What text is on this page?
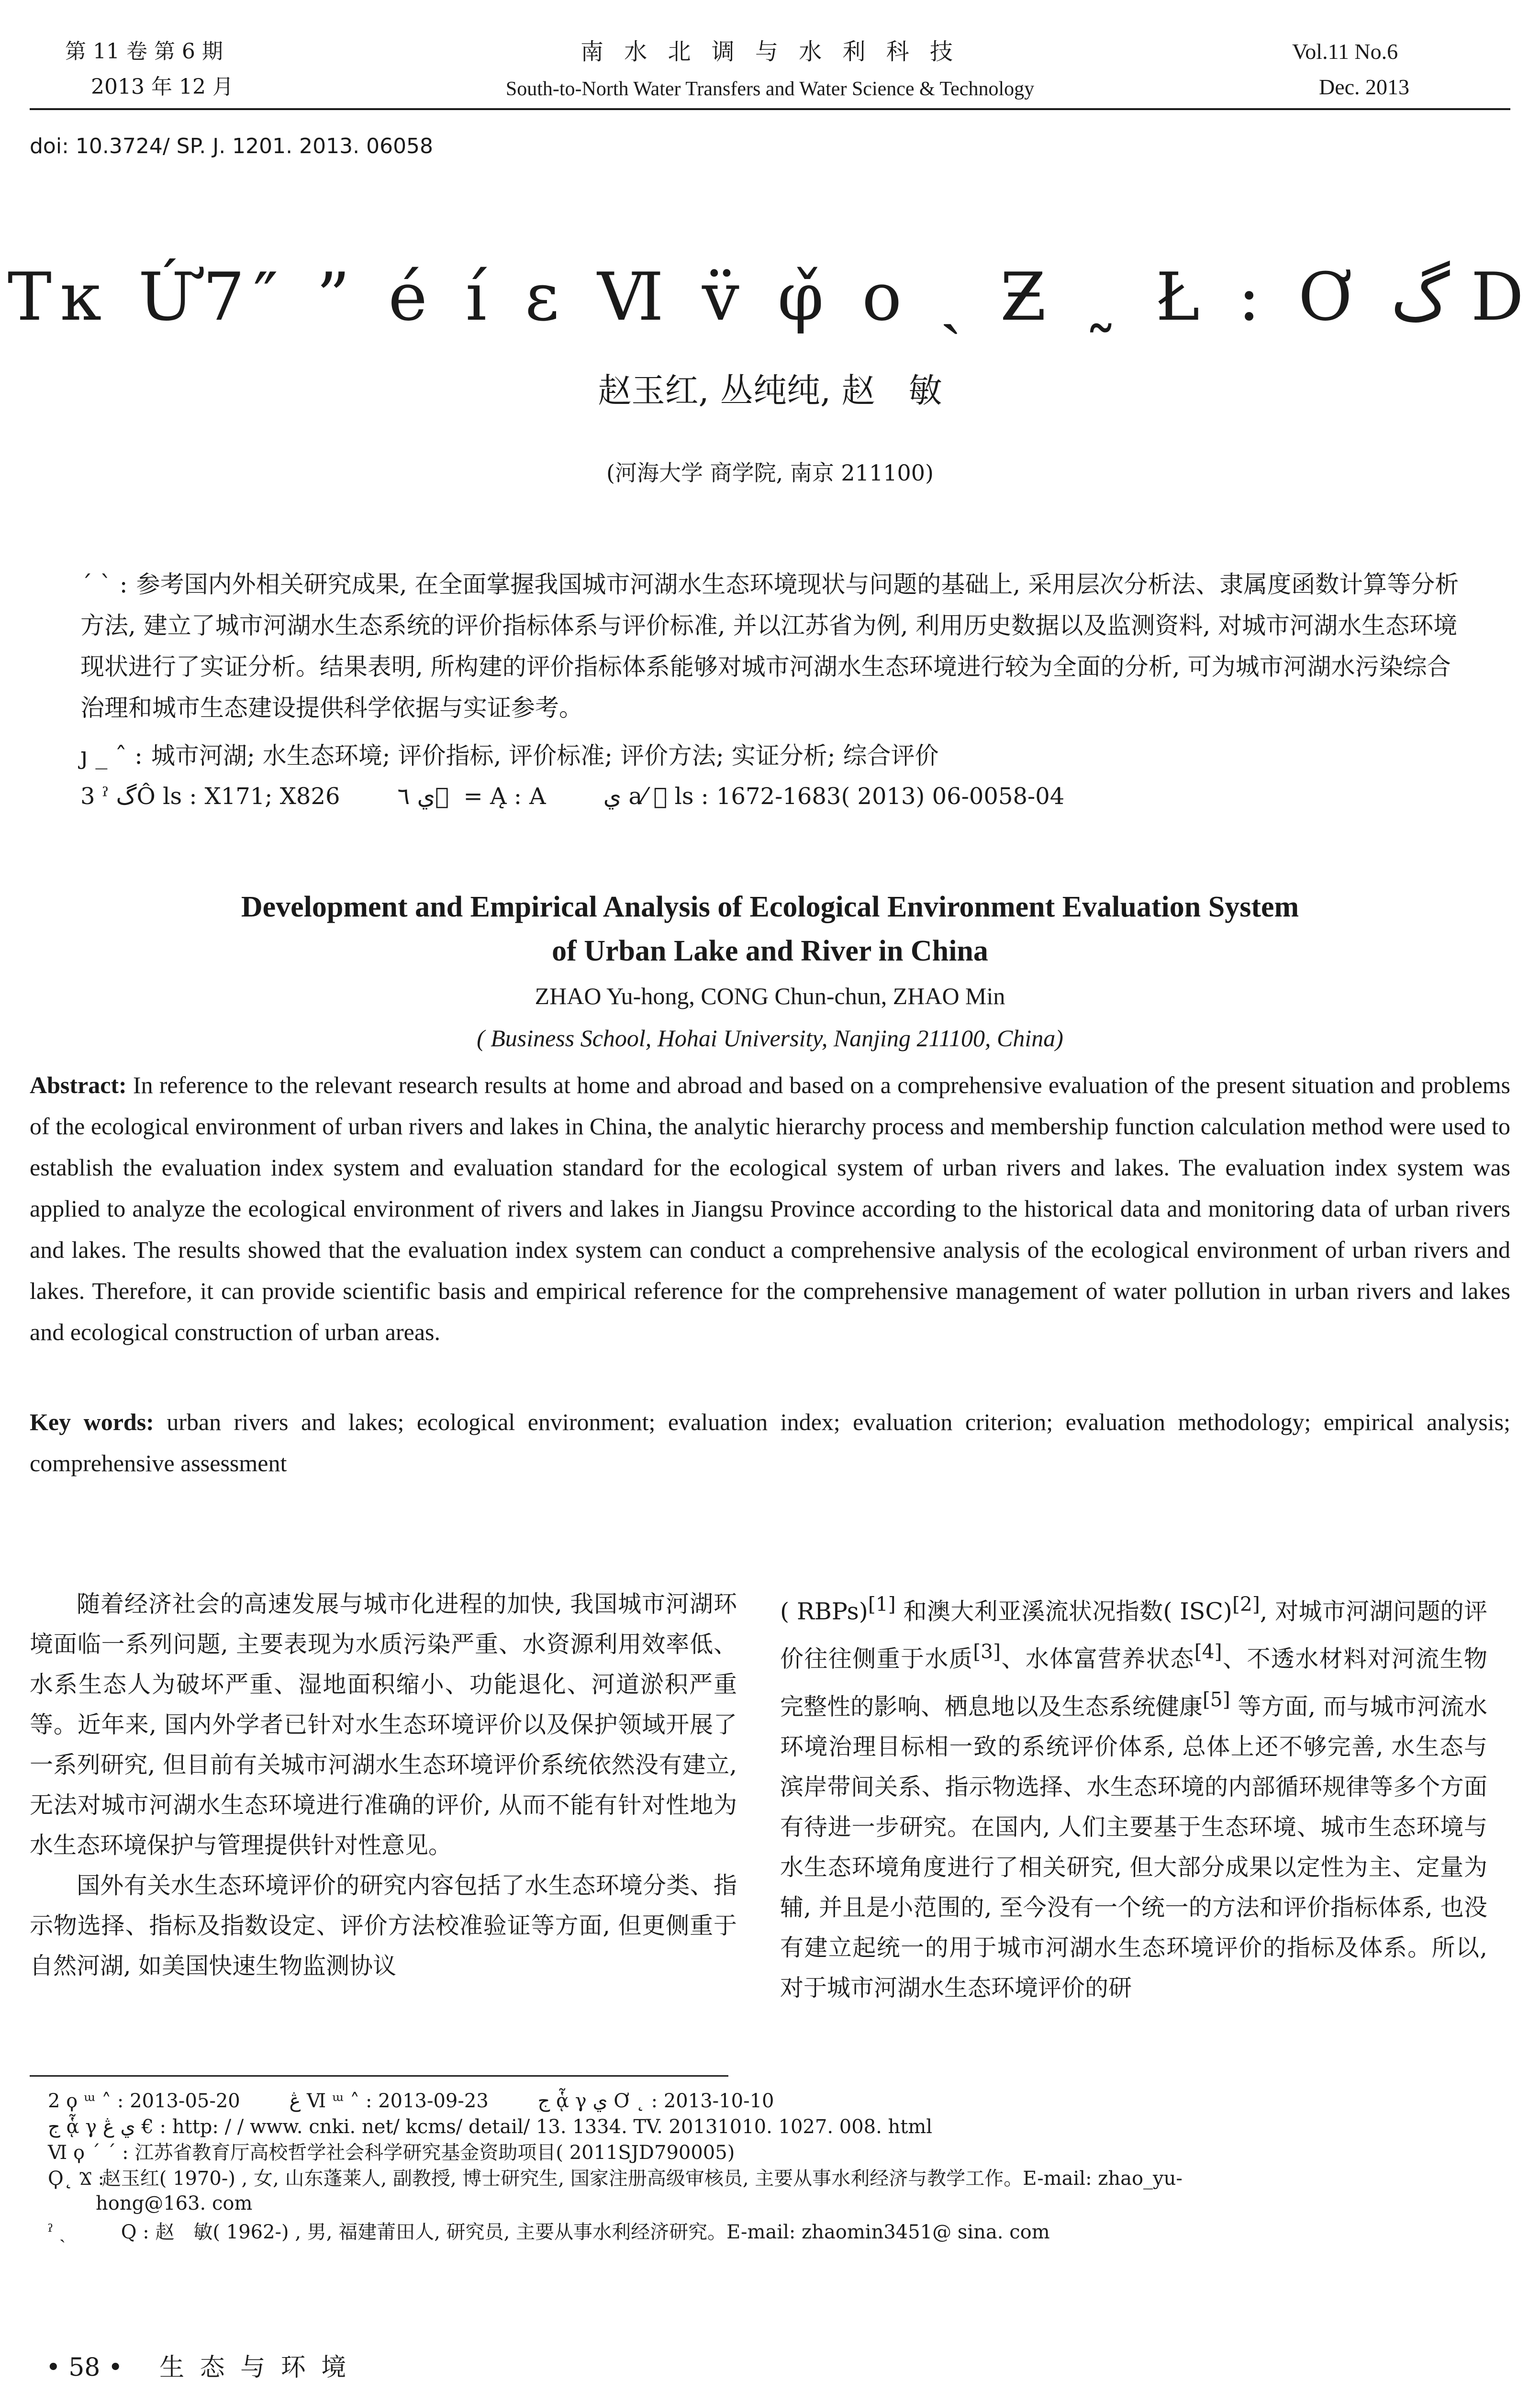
第 11 卷 第 6 期
2013 年 12 月
南 水 北 调 与 水 利 科 技
South-to-North Water Transfers and Water Science & Technology
Vol.11 No.6
Dec. 2013
doi: 10.3724/ SP. J. 1201. 2013. 06058
Tĸ Ứ7″ ” é í ε Ⅵ v̈ φ̌ ο ˏ Ƶ ˷ Ł : Ơ گ D
赵玉红, 丛纯纯, 赵　敏
(河海大学 商学院, 南京 211100)

ˊ ˋ : 参考国内外相关研究成果, 在全面掌握我国城市河湖水生态环境现状与问题的基础上, 采用层次分析法、隶属度函数计算等分析方法, 建立了城市河湖水生态系统的评价指标体系与评价标准, 并以江苏省为例, 利用历史数据以及监测资料, 对城市河湖水生态环境现状进行了实证分析。结果表明, 所构建的评价指标体系能够对城市河湖水生态环境进行较为全面的分析, 可为城市河湖水污染综合治理和城市生态建设提供科学依据与实证参考。

ȷ _ ˆ : 城市河湖; 水生态环境; 评价指标, 评价标准; 评价方法; 实证分析; 综合评价

3 ˀ گÔ ls : X171; X826	ي ٦ ⃞ = Ą : A	ي a⁄ ⃞ ls : 1672-1683( 2013) 06-0058-04
Development and Empirical Analysis of Ecological Environment Evaluation System
of Urban Lake and River in China
ZHAO Yu-hong, CONG Chun-chun, ZHAO Min
( Business School, Hohai University, Nanjing 211100, China)
Abstract: In reference to the relevant research results at home and abroad and based on a comprehensive evaluation of the present situation and problems of the ecological environment of urban rivers and lakes in China, the analytic hierarchy process and membership function calculation method were used to establish the evaluation index system and evaluation standard for the ecological system of urban rivers and lakes. The evaluation index system was applied to analyze the ecological environment of rivers and lakes in Jiangsu Province according to the historical data and monitoring data of urban rivers and lakes. The results showed that the evaluation index system can conduct a comprehensive analysis of the ecological environment of urban rivers and lakes. Therefore, it can provide scientific basis and empirical reference for the comprehensive management of water pollution in urban rivers and lakes and ecological construction of urban areas.
Key words: urban rivers and lakes; ecological environment; evaluation index; evaluation criterion; evaluation methodology; empirical analysis; comprehensive assessment

随着经济社会的高速发展与城市化进程的加快, 我国城市河湖环境面临一系列问题, 主要表现为水质污染严重、水资源利用效率低、水系生态人为破坏严重、湿地面积缩小、功能退化、河道淤积严重等。近年来, 国内外学者已针对水生态环境评价以及保护领域开展了一系列研究, 但目前有关城市河湖水生态环境评价系统依然没有建立, 无法对城市河湖水生态环境进行准确的评价, 从而不能有针对性地为水生态环境保护与管理提供针对性意见。

国外有关水生态环境评价的研究内容包括了水生态环境分类、指示物选择、指标及指数设定、评价方法校准验证等方面, 但更侧重于自然河湖, 如美国快速生物监测协议

( RBPs)[1] 和澳大利亚溪流状况指数( ISC)[2], 对城市河湖问题的评价往往侧重于水质[3]、水体富营养状态[4]、不透水材料对河流生物完整性的影响、栖息地以及生态系统健康[5] 等方面, 而与城市河流水环境治理目标相一致的系统评价体系, 总体上还不够完善, 水生态与滨岸带间关系、指示物选择、水生态环境的内部循环规律等多个方面有待进一步研究。在国内, 人们主要基于生态环境、城市生态环境与水生态环境角度进行了相关研究, 但大部分成果以定性为主、定量为辅, 并且是小范围的, 至今没有一个统一的方法和评价指标体系, 也没有建立起统一的用于城市河湖水生态环境评价的指标及体系。所以, 对于城市河湖水生态环境评价的研

2 ϙ ᵚ ˄ : 2013-05-20	ڠ Ⅵ ᵚ ˄ : 2013-09-23	ج ᾇ γ ي Ơ ˛ : 2013-10-10
ج ᾇ γ ي ڠ € : http: / / www. cnki. net/ kcms/ detail/ 13. 1334. TV. 20131010. 1027. 008. html
Ⅵ ϙ ˊ ˊ : 江苏省教育厅高校哲学社会科学研究基金资助项目( 2011SJD790005)
Ϙ˛ Ϫ : 赵玉红( 1970-) , 女, 山东蓬莱人, 副教授, 博士研究生, 国家注册高级审核员, 主要从事水利经济与教学工作。E-mail: zhao_yu-
hong@163. com
ˀ ˏ	Q : 赵　敏( 1962-) , 男, 福建莆田人, 研究员, 主要从事水利经济研究。E-mail: zhaomin3451@ sina. com
• 58 • 生 态 与 环 境
